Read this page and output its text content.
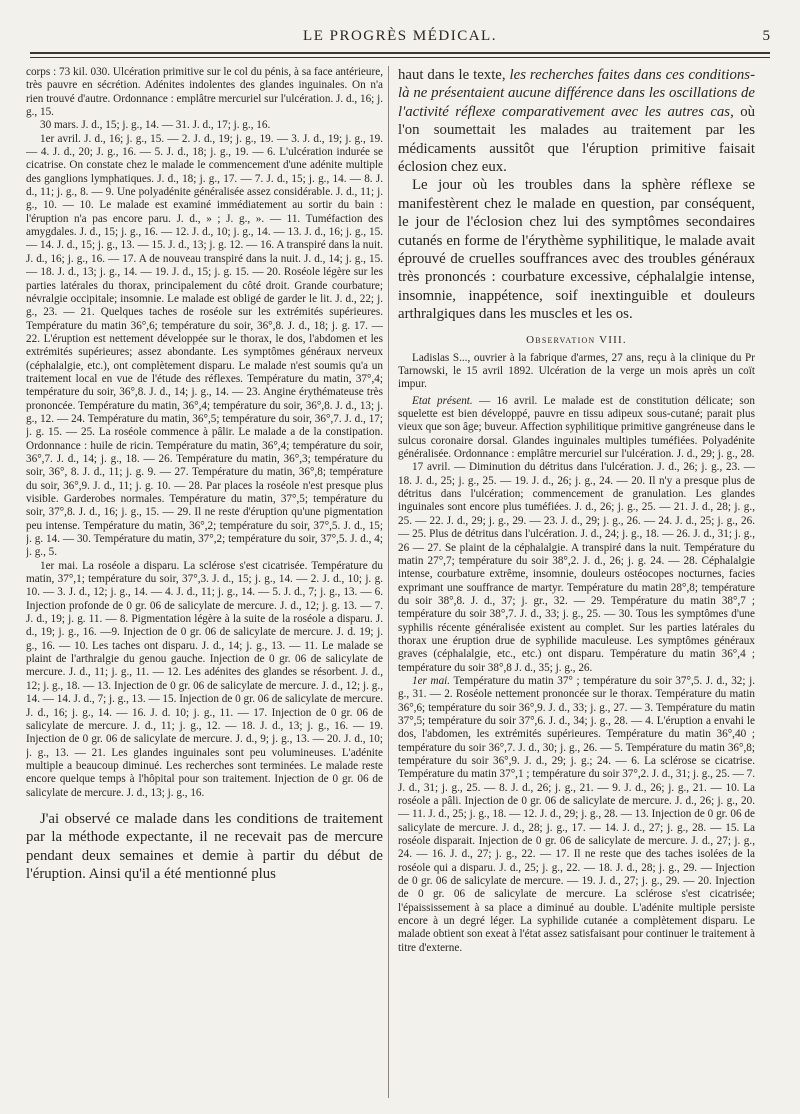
LE PROGRÈS MÉDICAL.	5

corps : 73 kil. 030. Ulcération primitive sur le col du pénis, à sa face antérieure, très pauvre en sécrétion. Adénites indolentes des glandes inguinales. On n'a rien trouvé d'autre. Ordonnance : emplâtre mercuriel sur l'ulcération. J. d., 16; j. g., 15.

30 mars. J. d., 15; j. g., 14. — 31. J. d., 17; j. g., 16.

1er avril. J. d., 16; j. g., 15. — 2. J. d., 19; j. g., 19. — 3. J. d., 19; j. g., 19. — 4. J. d., 20; J. g., 16. — 5. J. d., 18; j. g., 19. — 6. L'ulcération indurée se cicatrise. On constate chez le malade le commencement d'une adénite multiple des ganglions lymphatiques. J. d., 18; j. g., 17. — 7. J. d., 15; j. g., 14. — 8. J. d., 11; j. g., 8. — 9. Une polyadénite généralisée assez considérable. J. d., 11; j. g., 10. — 10. Le malade est examiné immédiatement au sortir du bain : l'éruption n'a pas encore paru. J. d., » ; J. g., ». — 11. Tuméfaction des amygdales. J. d., 15; j. g., 16. — 12. J. d., 10; j. g., 14. — 13. J. d., 16; j. g., 15. — 14. J. d., 15; j. g., 13. — 15. J. d., 13; j. g. 12. — 16. A transpiré dans la nuit. J. d., 16; j. g., 16. — 17. A de nouveau transpiré dans la nuit. J. d., 14; j. g., 15. — 18. J. d., 13; j. g., 14. — 19. J. d., 15; j. g. 15. — 20. Roséole légère sur les parties latérales du thorax, principalement du côté droit. Grande courbature; névralgie occipitale; insomnie. Le malade est obligé de garder le lit. J. d., 22; j. g., 23. — 21. Quelques taches de roséole sur les extrémités supérieures. Température du matin 36°,6; température du soir, 36°,8. J. d., 18; j. g. 17. — 22. L'éruption est nettement développée sur le thorax, le dos, l'abdomen et les extrémités supérieures; assez abondante. Les symptômes généraux nerveux (céphalalgie, etc.), ont complètement disparu. Le malade n'est soumis qu'a un traitement local en vue de l'étude des réflexes. Température du matin, 37°,4; température du soir, 36°,8. J. d., 14; j. g., 14. — 23. Angine érythémateuse très prononcée. Température du matin, 36°,4; température du soir, 36°,8. J. d., 13; j. g., 12. — 24. Température du matin, 36°,5; température du soir, 36°,7. J. d., 17; j. g. 15. — 25. La roséole commence à pâlir. Le malade a de la constipation. Ordonnance : huile de ricin. Température du matin, 36°,4; température du soir, 36°,7. J. d., 14; j. g., 18. — 26. Température du matin, 36°,3; température du soir, 36°, 8. J. d., 11; j. g. 9. — 27. Température du matin, 36°,8; température du soir, 36°,9. J. d., 11; j. g. 10. — 28. Par places la roséole n'est presque plus visible. Garderobes normales. Température du matin, 37°,5; température du soir, 37°,8. J. d., 16; j. g., 15. — 29. Il ne reste d'éruption qu'une pigmentation peu intense. Température du matin, 36°,2; température du soir, 37°,5. J. d., 15; j. g. 14. — 30. Température du matin, 37°,2; température du soir, 37°,5. J. d., 4; j. g., 5.

1er mai. La roséole a disparu. La sclérose s'est cicatrisée. Température du matin, 37°,1; température du soir, 37°,3. J. d., 15; j. g., 14. — 2. J. d., 10; j. g. 10. — 3. J. d., 12; j. g., 14. — 4. J. d., 11; j. g., 14. — 5. J. d., 7; j. g., 13. — 6. Injection profonde de 0 gr. 06 de salicylate de mercure. J. d., 12; j. g. 13. — 7. J. d., 19; j. g. 11. — 8. Pigmentation légère à la suite de la roséole a disparu. J. d., 19; j. g., 16. —9. Injection de 0 gr. 06 de salicylate de mercure. J. d. 19; j. g., 16. — 10. Les taches ont disparu. J. d., 14; j. g., 13. — 11. Le malade se plaint de l'arthralgie du genou gauche. Injection de 0 gr. 06 de salicylate de mercure. J. d., 11; j. g., 11. — 12. Les adénites des glandes se résorbent. J. d., 12; j. g., 18. — 13. Injection de 0 gr. 06 de salicylate de mercure. J. d., 12; j. g., 14. — 14. J. d., 7; j. g., 13. — 15. Injection de 0 gr. 06 de salicylate de mercure. J. d., 16; j. g., 14. — 16. J. d. 10; j. g., 11. — 17. Injection de 0 gr. 06 de salicylate de mercure. J. d., 11; j. g., 12. — 18. J. d., 13; j. g., 16. — 19. Injection de 0 gr. 06 de salicylate de mercure. J. d., 9; j. g., 13. — 20. J. d., 10; j. g., 13. — 21. Les glandes inguinales sont peu volumineuses. L'adénite multiple a beaucoup diminué. Les recherches sont terminées. Le malade reste encore quelque temps à l'hôpital pour son traitement. Injection de 0 gr. 06 de salicylate de mercure. J. d., 13; j. g., 16.

J'ai observé ce malade dans les conditions de traitement par la méthode expectante, il ne recevait pas de mercure pendant deux semaines et demie à partir du début de l'éruption. Ainsi qu'il a été mentionné plus

haut dans le texte, les recherches faites dans ces conditions-là ne présentaient aucune différence dans les oscillations de l'activité réflexe comparativement avec les autres cas, où l'on soumettait les malades au traitement par les médicaments aussitôt que l'éruption primitive faisait éclosion chez eux.

Le jour où les troubles dans la sphère réflexe se manifestèrent chez le malade en question, par conséquent, le jour de l'éclosion chez lui des symptômes secondaires cutanés en forme de l'érythème syphilitique, le malade avait éprouvé de cruelles souffrances avec des troubles généraux très prononcés : courbature excessive, céphalalgie intense, insomnie, inappétence, soif inextinguible et douleurs arthralgiques dans les muscles et les os.

Observation VIII.

Ladislas S..., ouvrier à la fabrique d'armes, 27 ans, reçu à la clinique du Pr Tarnowski, le 15 avril 1892. Ulcération de la verge un mois après un coït impur.

Etat présent. — 16 avril. Le malade est de constitution délicate; son squelette est bien développé, pauvre en tissu adipeux sous-cutané; parait plus vieux que son âge; buveur. Affection syphilitique primitive gangréneuse dans le sulcus coronaire dorsal. Glandes inguinales multiples tuméfiées. Polyadénite généralisée. Ordonnance : emplâtre mercuriel sur l'ulcération. J. d., 29; j. g., 28.

17 avril. — Diminution du détritus dans l'ulcération. J. d., 26; j. g., 23. — 18. J. d., 25; j. g., 25. — 19. J. d., 26; j. g., 24. — 20. Il n'y a presque plus de détritus dans l'ulcération; commencement de granulation. Les glandes inguinales sont encore plus tuméfiées. J. d., 26; j. g., 25. — 21. J. d., 28; j. g., 25. — 22. J. d., 29; j. g., 29. — 23. J. d., 29; j. g., 26. — 24. J. d., 25; j. g., 26. — 25. Plus de détritus dans l'ulcération. J. d., 24; j. g., 18. — 26. J. d., 31; j. g., 26 — 27. Se plaint de la céphalalgie. A transpiré dans la nuit. Température du matin 27°,7; température du soir 38°,2. J. d., 26; j. g. 24. — 28. Céphalalgie intense, courbature extrême, insomnie, douleurs ostéocopes nocturnes, facies exprimant une souffrance de martyr. Température du matin 28°,8; température du soir 38°,8. J. d., 37; j. gr., 32. — 29. Température du matin 38°,7 ; température du soir 38°,7. J. d., 33; j. g., 25. — 30. Tous les symptômes d'une syphilis récente généralisée existent au complet. Sur les parties latérales du thorax une éruption drue de syphilide maculeuse. Les symptômes généraux graves (céphalalgie, etc., etc.) ont disparu. Température du matin 36°,4 ; température du soir 38°,8 J. d., 35; j. g., 26.

1er mai. Température du matin 37° ; température du soir 37°,5. J. d., 32; j. g., 31. — 2. Roséole nettement prononcée sur le thorax. Température du matin 36°,6; température du soir 36°,9. J. d., 33; j. g., 27. — 3. Température du matin 37°,5; température du soir 37°,6. J. d., 34; j. g., 28. — 4. L'éruption a envahi le dos, l'abdomen, les extrémités supérieures. Température du matin 36°,40 ; température du soir 36°,7. J. d., 30; j. g., 26. — 5. Température du matin 36°,8; température du soir 36°,9. J. d., 29; j. g.; 24. — 6. La sclérose se cicatrise. Température du matin 37°,1 ; température du soir 37°,2. J. d., 31; j. g., 25. — 7. J. d., 31; j. g., 25. — 8. J. d., 26; j. g., 21. — 9. J. d., 26; j. g., 21. — 10. La roséole a pâli. Injection de 0 gr. 06 de salicylate de mercure. J. d., 26; j. g., 20. — 11. J. d., 25; j. g., 18. — 12. J. d., 29; j. g., 28. — 13. Injection de 0 gr. 06 de salicylate de mercure. J. d., 28; j. g., 17. — 14. J. d., 27; j. g., 28. — 15. La roséole disparait. Injection de 0 gr. 06 de salicylate de mercure. J. d., 27; j. g., 24. — 16. J. d., 27; j. g., 22. — 17. Il ne reste que des taches isolées de la roséole qui a disparu. J. d., 25; j. g., 22. — 18. J. d., 28; j. g., 29. — Injection de 0 gr. 06 de salicylate de mercure. — 19. J. d., 27; j. g., 29. — 20. Injection de 0 gr. 06 de salicylate de mercure. La sclérose s'est cicatrisée; l'épaississement à sa place a diminué au double. L'adénite multiple persiste encore à un degré léger. La syphilide cutanée a complètement disparu. Le malade obtient son exeat à l'état assez satisfaisant pour continuer le traitement à titre d'externe.
